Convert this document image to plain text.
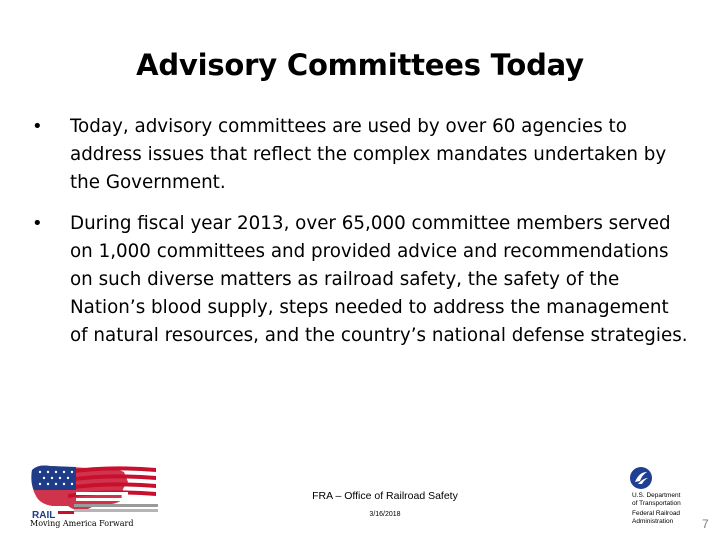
Advisory Committees Today
• Today, advisory committees are used by over 60 agencies to address issues that reflect the complex mandates undertaken by the Government.
• During fiscal year 2013, over 65,000 committee members served on 1,000 committees and provided advice and recommendations on such diverse matters as railroad safety, the safety of the Nation’s blood supply, steps needed to address the management of natural resources, and the country’s national defense strategies.
RAIL
Moving America Forward
FRA – Office of Railroad Safety
3/16/2018
U.S. Department
of Transportation
Federal Railroad
Administration	7
